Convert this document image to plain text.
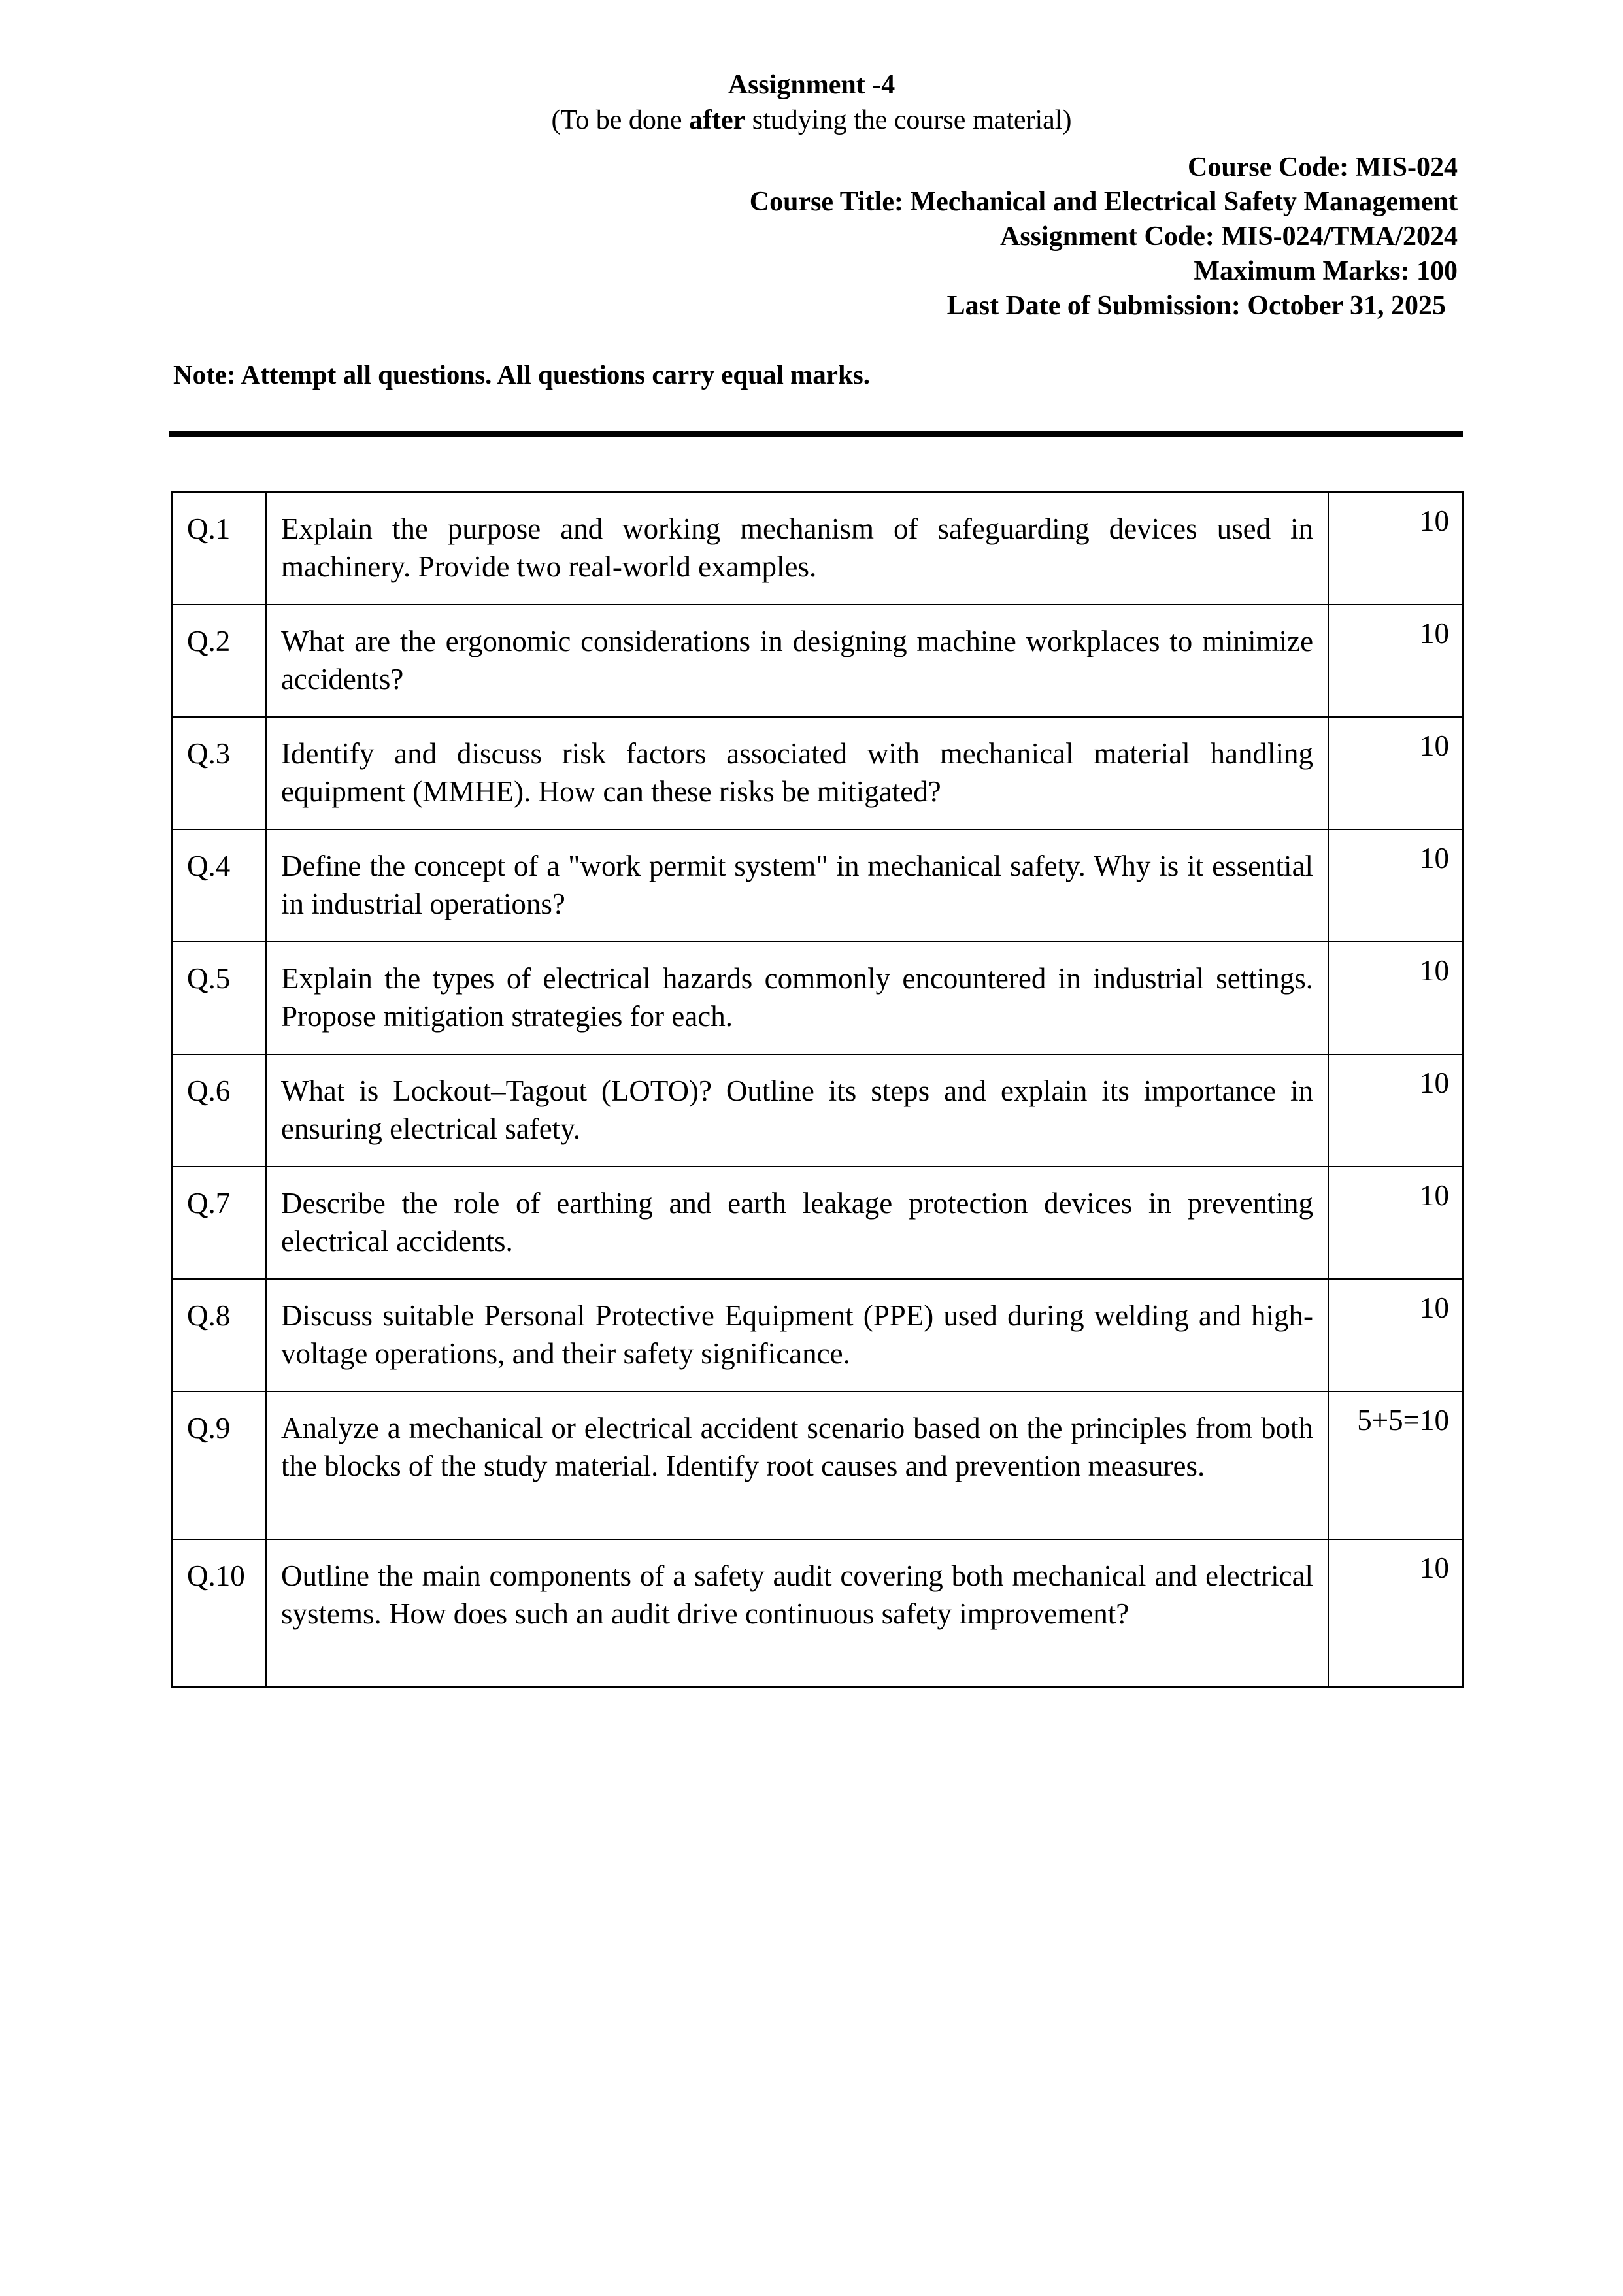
Assignment -4
(To be done after studying the course material)
Course Code: MIS-024
Course Title: Mechanical and Electrical Safety Management
Assignment Code: MIS-024/TMA/2024
Maximum Marks: 100
Last Date of Submission: October 31, 2025
Note: Attempt all questions. All questions carry equal marks.
Q.1	Explain the purpose and working mechanism of safeguarding devices used in machinery. Provide two real-world examples.	10
Q.2	What are the ergonomic considerations in designing machine workplaces to minimize accidents?	10
Q.3	Identify and discuss risk factors associated with mechanical material handling equipment (MMHE). How can these risks be mitigated?	10
Q.4	Define the concept of a "work permit system" in mechanical safety. Why is it essential in industrial operations?	10
Q.5	Explain the types of electrical hazards commonly encountered in industrial settings. Propose mitigation strategies for each.	10
Q.6	What is Lockout–Tagout (LOTO)? Outline its steps and explain its importance in ensuring electrical safety.	10
Q.7	Describe the role of earthing and earth leakage protection devices in preventing electrical accidents.	10
Q.8	Discuss suitable Personal Protective Equipment (PPE) used during welding and high-voltage operations, and their safety significance.	10
Q.9	Analyze a mechanical or electrical accident scenario based on the principles from both the blocks of the study material. Identify root causes and prevention measures.	5+5=10
Q.10	Outline the main components of a safety audit covering both mechanical and electrical systems. How does such an audit drive continuous safety improvement?	10
